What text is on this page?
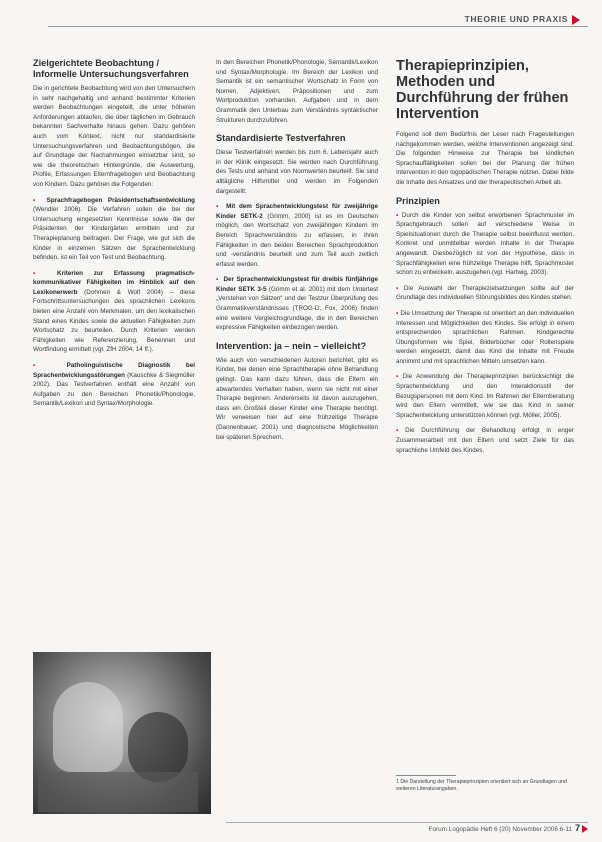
THEORIE UND PRAXIS
Zielgerichtete Beobachtung / Informelle Untersuchungsverfahren

Die in gerichtete Beobachtung wird von den Untersuchern in sehr nachgehaltig und anhand bestimmter Kriterien werden Beobachtungen eingeteilt, die unter höheren Anforderungen ablaufen, die über täglichen im Gebrauch bekannten Sachverhalte hinaus gehen. Dazu gehören auch vom Kontext, nicht nur standardisierte Untersuchungsverfahren und Beobachtungsbögen, die auf Grundlage der Nachahmungen einsetzbar sind, so wie die theoretischen Hintergründe, die Auswertung, Profile, Erfassungen Elternfragebogen und Beobachtung von Kindern. Dazu gehören die Folgenden:

▪ Sprachfragebogen Präsidentschaftsentwicklung (Wendler 2006). Die Verfahren sollen die bei der Untersuchung eingesetzten Kenntnisse sowie die der Präsidenten der Kindergärten ermitteln und zur Therapieplanung beitragen. Der Frage, wie gut sich die Kinder in einzelnen Sätzen der Sprachentwicklung befinden, ist ein Teil von Test und Beobachtung.
▪ Kriterien zur Erfassung pragmatisch-kommunikativer Fähigkeiten im Hinblick auf den Lexikonerwerb (Dohmen & Wolf 2004) – diese Fortschrittsuntersuchungen des sprachlichen Lexikons bieten eine Anzahl von Merkmalen, um den lexikalischen Stand eines Kindes sowie die aktuellen Fähigkeiten zum Wortschatz zu beurteilen. Durch Kriterien werden Fähigkeiten wie Referenzierung, Benennen und Wortfindung ermittelt (vgl. ZfH 2004, 14 ff.).
▪	Patholinguistische Diagnostik bei Sprachentwicklungsstörungen (Kauschke & Siegmüller 2002). Das Testverfahren enthält eine Anzahl von Aufgaben zu den Bereichen Phonetik/Phonologie, Semantik/Lexikon und Syntax/Morphologie.

In den Bereichen Phonetik/Phonologie, Semantik/Lexikon und Syntax/Morphologie. Im Bereich der Lexikon und Semantik ist ein semantischer Wortschatz in Form von Nomen, Adjektiven, Präpositionen und zum Wortproduktion vorhanden. Aufgaben und in dem Grammatik den Unterbau zum Verständnis syntaktischer Strukturen durchzuführen.

Standardisierte Testverfahren

Diese Testverfahren werden bis zum 6. Lebensjahr auch in der Klinik eingesetzt. Sie werden nach Durchführung des Tests und anhand von Normwerten beurteilt. Sie sind alltägliche Hilfsmittel und werden im Folgenden dargestellt:

▪ Mit dem Sprachentwicklungstest für zweijährige Kinder SETK-2 (Grimm, 2000) ist es im Deutschen möglich, den Wortschatz von zweijährigen Kindern im Bereich Sprachverständnis zu erfassen, in ihren Fähigkeiten in den beiden Bereichen Sprachproduktion und -verständnis beurteilt und zum Teil auch zeitlich erfasst werden.
▪ Der Sprachentwicklungstest für dreibis fünfjährige Kinder SETK 3-5 (Grimm et al. 2001) mit dem Untertest „Verstehen von Sätzen“ und der Testzur Überprüfung des Grammatikverständnisses (TROG-D, Fox, 2006) finden eine weitere Vergleichsgrundlage, die in den Bereichen expressive Fähigkeiten einbezogen werden.
Intervention: ja – nein – vielleicht?

Wie auch von verschiedenen Autoren berichtet, gibt es Kinder, bei denen eine Sprachtherapie ohne Behandlung gelingt. Das kann dazu führen, dass die Eltern ein abwartendes Verhalten haben, wenn sie nicht mit einer Therapie beginnen. Andererseits ist davon auszugehen, dass ein Großteil dieser Kinder eine Therapie benötigt. Wir verweisen hier auf eine frühzeitige Therapie (Dannenbauer, 2001) und diagnostische Möglichkeiten bei späteren Sprechern.

Therapieprinzipien, Methoden und Durchführung der frühen Intervention

Folgend soll dem Bedürfnis der Leser nach Fragestellungen nachgekommen werden, welche Interventionen angezeigt sind. Die folgenden Hinweise zur Therapie bei kindlichen Sprachauffälligkeiten sollen bei der Planung der frühen Intervention in den logopädischen Therapie nützen. Dabei bilde die Inhalte des Ansatzes und der therapeutischen Arbeit ab.

Prinzipien
▪ Durch die Kinder von selbst erworbenen Sprachmuster im Sprachgebrauch sollen auf verschiedene Weise in Spielsituationen durch die Therapie selbst beeinflusst werden. Konkret und unmittelbar werden Inhalte in der Therapie angewandt. Diesbezüglich ist von der Hypothese, dass in Sprachfähigkeiten eine frühzeitige Therapie hilft, Sprachmuster schon zu entwickeln, auszugehen (vgl. Hartwig, 2003).
▪ Die Auswahl der Therapiezielsetzungen sollte auf der Grundlage des individuellen Störungsbildes des Kindes stehen.
▪ Die Umsetzung der Therapie ist orientiert an den individuellen Interessen und Möglichkeiten des Kindes. Sie erfolgt in einem entsprechenden sprachlichen Rahmen. Kindgerechte Übungsformen wie Spiel, Bilderbücher oder Rollenspiele werden eingesetzt, damit das Kind die Inhalte mit Freude annimmt und mit sprachlichen Mitteln umsetzen kann.
▪ Die Anwendung der Therapieprinzipien berücksichtigt die Sprachentwicklung und den Interaktionsstil der Bezugspersonen mit dem Kind. Im Rahmen der Elternberatung wird den Eltern vermittelt, wie sie das Kind in seiner Sprachentwicklung unterstützen können (vgl. Möller, 2005).
▪ Die Durchführung der Behandlung erfolgt in enger Zusammenarbeit mit den Eltern und setzt Ziele für das sprachliche Umfeld des Kindes.
1 Die Darstellung der Therapieprinzipien orientiert sich an Grundlagen und weiteren Literaturangaben.
Forum Logopädie Heft 6 (20) November 2006 6-11 7
